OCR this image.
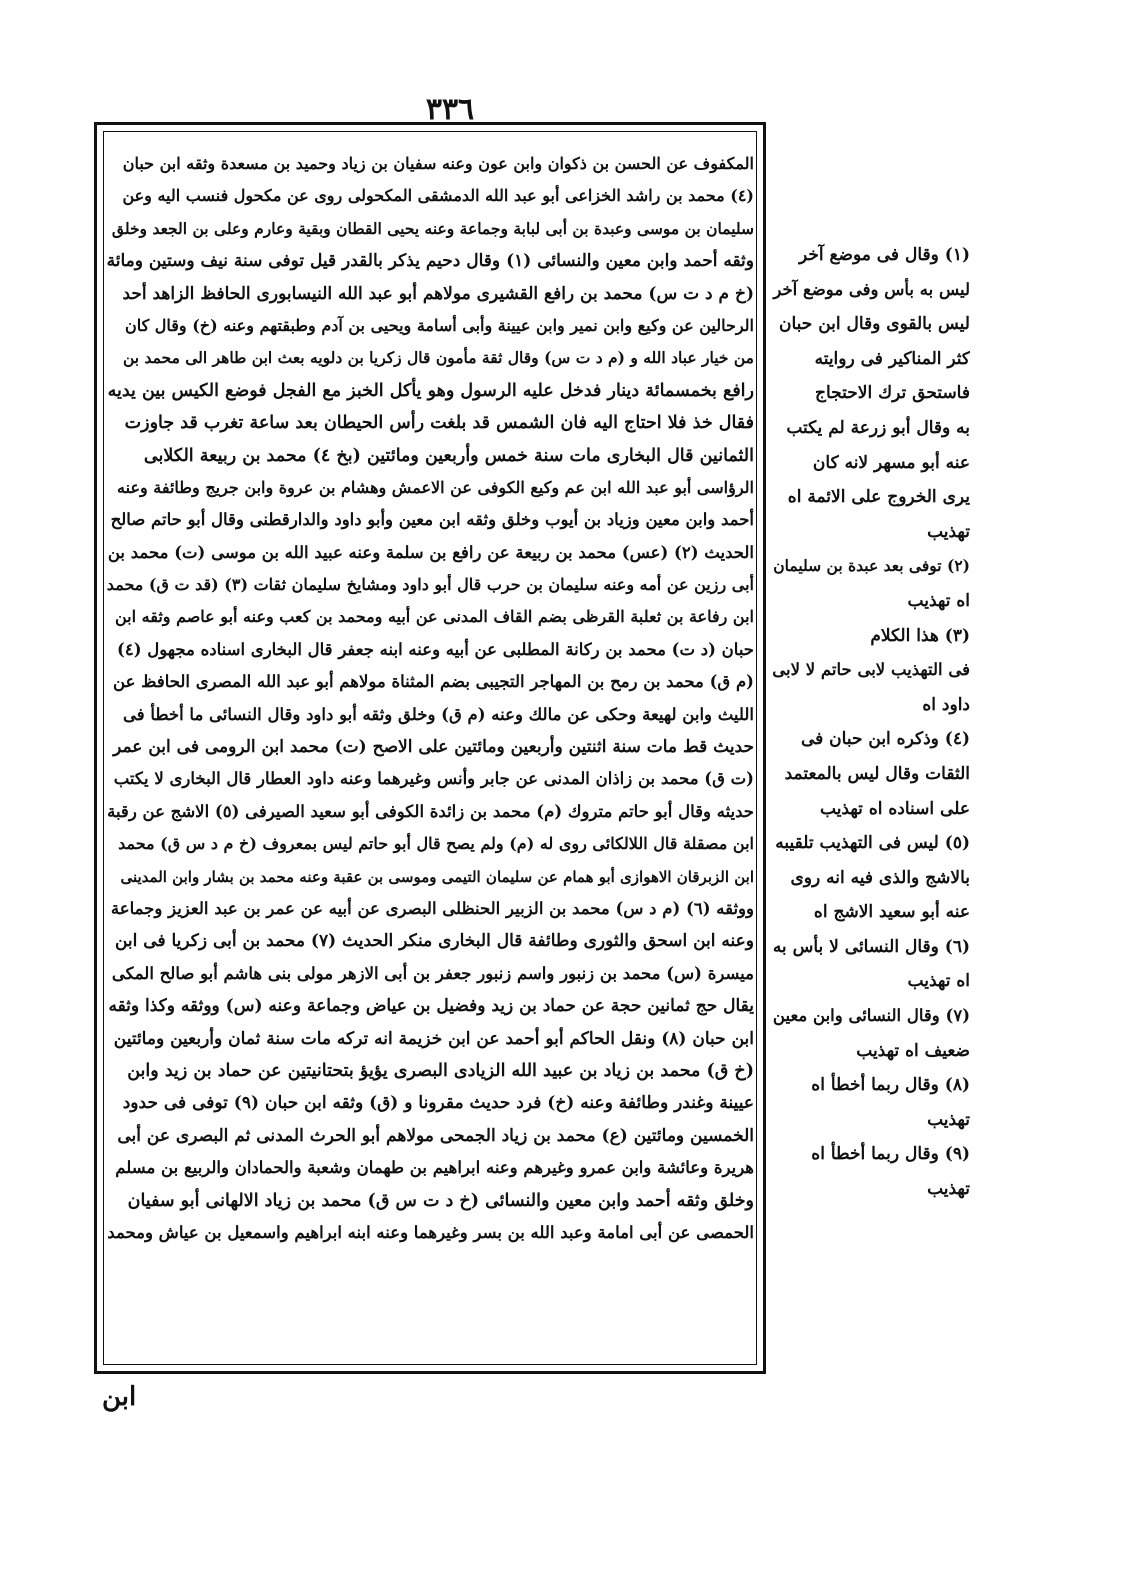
٣٣٦
المكفوف عن الحسن بن ذكوان وابن عون وعنه سفيان بن زياد وحميد بن مسعدة وثقه ابن حبان
(٤) محمد بن راشد الخزاعى أبو عبد الله الدمشقى المكحولى روى عن مكحول فنسب اليه وعن
سليمان بن موسى وعبدة بن أبى لبابة وجماعة وعنه يحيى القطان وبقية وعارم وعلى بن الجعد وخلق
وثقه أحمد وابن معين والنسائى (١) وقال دحيم يذكر بالقدر قيل توفى سنة نيف وستين ومائة
(خ م د ت س) محمد بن رافع القشيرى مولاهم أبو عبد الله النيسابورى الحافظ الزاهد أحد
الرحالين عن وكيع وابن نمير وابن عيينة وأبى أسامة ويحيى بن آدم وطبقتهم وعنه (خ) وقال كان
من خيار عباد الله و (م د ت س) وقال ثقة مأمون قال زكريا بن دلويه بعث ابن طاهر الى محمد بن
رافع بخمسمائة دينار فدخل عليه الرسول وهو يأكل الخبز مع الفجل فوضع الكيس بين يديه
فقال خذ فلا احتاج اليه فان الشمس قد بلغت رأس الحيطان بعد ساعة تغرب قد جاوزت
الثمانين قال البخارى مات سنة خمس وأربعين ومائتين (بخ ٤) محمد بن ربيعة الكلابى
الرؤاسى أبو عبد الله ابن عم وكيع الكوفى عن الاعمش وهشام بن عروة وابن جريج وطائفة وعنه
أحمد وابن معين وزياد بن أيوب وخلق وثقه ابن معين وأبو داود والدارقطنى وقال أبو حاتم صالح
الحديث (٢) (عس) محمد بن ربيعة عن رافع بن سلمة وعنه عبيد الله بن موسى (ت) محمد بن
أبى رزين عن أمه وعنه سليمان بن حرب قال أبو داود ومشايخ سليمان ثقات (٣) (قد ت ق) محمد
ابن رفاعة بن ثعلبة القرظى بضم القاف المدنى عن أبيه ومحمد بن كعب وعنه أبو عاصم وثقه ابن
حبان (د ت) محمد بن ركانة المطلبى عن أبيه وعنه ابنه جعفر قال البخارى اسناده مجهول (٤)
(م ق) محمد بن رمح بن المهاجر التجيبى بضم المثناة مولاهم أبو عبد الله المصرى الحافظ عن
الليث وابن لهيعة وحكى عن مالك وعنه (م ق) وخلق وثقه أبو داود وقال النسائى ما أخطأ فى
حديث قط مات سنة اثنتين وأربعين ومائتين على الاصح (ت) محمد ابن الرومى فى ابن عمر
(ت ق) محمد بن زاذان المدنى عن جابر وأنس وغيرهما وعنه داود العطار قال البخارى لا يكتب
حديثه وقال أبو حاتم متروك (م) محمد بن زائدة الكوفى أبو سعيد الصيرفى (٥) الاشج عن رقبة
ابن مصقلة قال اللالكائى روى له (م) ولم يصح قال أبو حاتم ليس بمعروف (خ م د س ق) محمد
ابن الزبرقان الاهوازى أبو همام عن سليمان التيمى وموسى بن عقبة وعنه محمد بن بشار وابن المدينى
ووثقه (٦) (م د س) محمد بن الزبير الحنظلى البصرى عن أبيه عن عمر بن عبد العزيز وجماعة
وعنه ابن اسحق والثورى وطائفة قال البخارى منكر الحديث (٧) محمد بن أبى زكريا فى ابن
ميسرة (س) محمد بن زنبور واسم زنبور جعفر بن أبى الازهر مولى بنى هاشم أبو صالح المكى
يقال حج ثمانين حجة عن حماد بن زيد وفضيل بن عياض وجماعة وعنه (س) ووثقه وكذا وثقه
ابن حبان (٨) ونقل الحاكم أبو أحمد عن ابن خزيمة انه تركه مات سنة ثمان وأربعين ومائتين
(خ ق) محمد بن زياد بن عبيد الله الزيادى البصرى يؤيؤ بتحتانيتين عن حماد بن زيد وابن
عيينة وغندر وطائفة وعنه (خ) فرد حديث مقرونا و (ق) وثقه ابن حبان (٩) توفى فى حدود
الخمسين ومائتين (ع) محمد بن زياد الجمحى مولاهم أبو الحرث المدنى ثم البصرى عن أبى
هريرة وعائشة وابن عمرو وغيرهم وعنه ابراهيم بن طهمان وشعبة والحمادان والربيع بن مسلم
وخلق وثقه أحمد وابن معين والنسائى (خ د ت س ق) محمد بن زياد الالهانى أبو سفيان
الحمصى عن أبى امامة وعبد الله بن بسر وغيرهما وعنه ابنه ابراهيم واسمعيل بن عياش ومحمد
(١) وقال فى موضع آخر
ليس به بأس وفى موضع آخر
ليس بالقوى وقال ابن حبان
كثر المناكير فى روايته
فاستحق ترك الاحتجاج
به وقال أبو زرعة لم يكتب
عنه أبو مسهر لانه كان
يرى الخروج على الائمة اه
تهذيب
(٢) توفى بعد عبدة بن سليمان
اه تهذيب
(٣) هذا الكلام
فى التهذيب لابى حاتم لا لابى
داود اه
(٤) وذكره ابن حبان فى
الثقات وقال ليس بالمعتمد
على اسناده اه تهذيب
(٥) ليس فى التهذيب تلقيبه
بالاشج والذى فيه انه روى
عنه أبو سعيد الاشج اه
(٦) وقال النسائى لا بأس به
اه تهذيب
(٧) وقال النسائى وابن معين
ضعيف اه تهذيب
(٨) وقال ربما أخطأ اه
تهذيب
(٩) وقال ربما أخطأ اه
تهذيب
ابن
